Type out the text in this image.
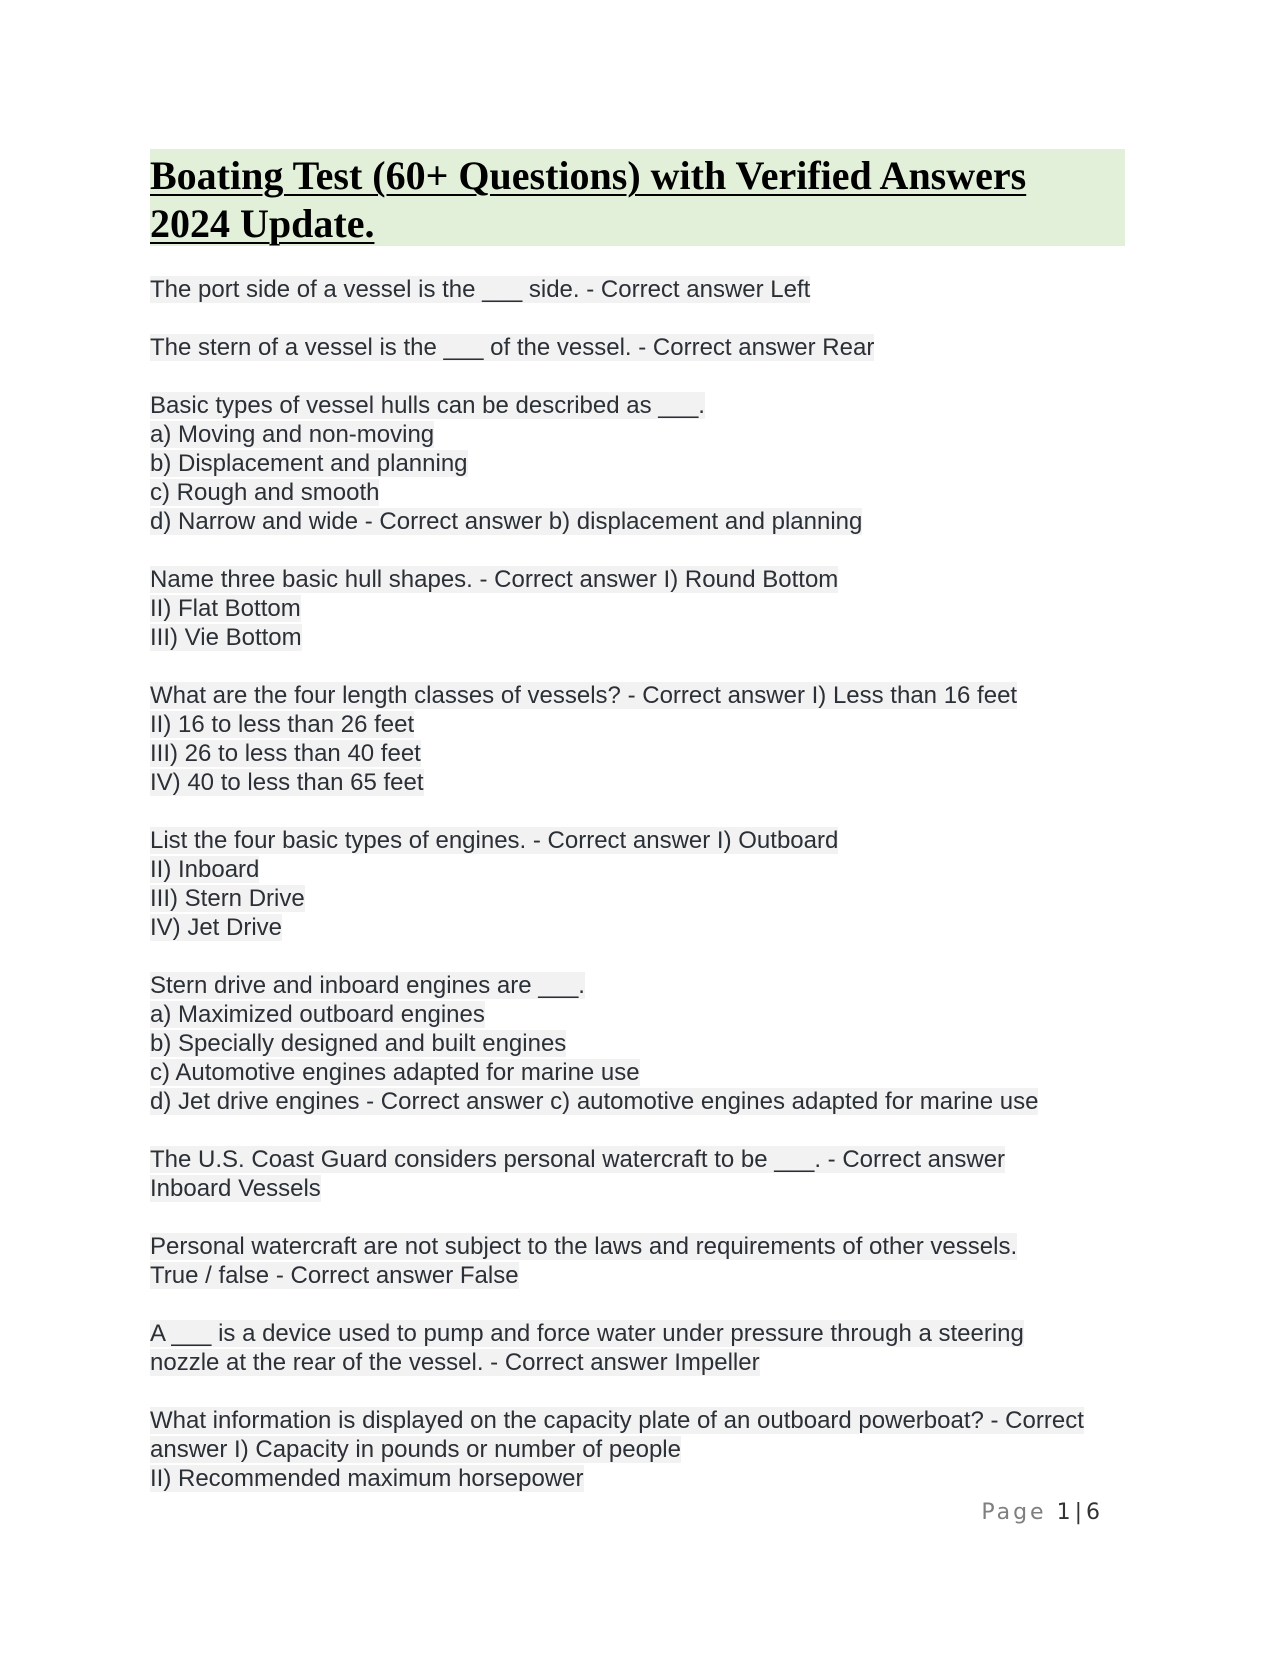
Boating Test (60+ Questions) with Verified Answers
2024 Update.
The port side of a vessel is the ___ side. - Correct answer Left
The stern of a vessel is the ___ of the vessel. - Correct answer Rear
Basic types of vessel hulls can be described as ___.
a) Moving and non-moving
b) Displacement and planning
c) Rough and smooth
d) Narrow and wide - Correct answer b) displacement and planning
Name three basic hull shapes. - Correct answer I) Round Bottom
II) Flat Bottom
III) Vie Bottom
What are the four length classes of vessels? - Correct answer I) Less than 16 feet
II) 16 to less than 26 feet
III) 26 to less than 40 feet
IV) 40 to less than 65 feet
List the four basic types of engines. - Correct answer I) Outboard
II) Inboard
III) Stern Drive
IV) Jet Drive
Stern drive and inboard engines are ___.
a) Maximized outboard engines
b) Specially designed and built engines
c) Automotive engines adapted for marine use
d) Jet drive engines - Correct answer c) automotive engines adapted for marine use
The U.S. Coast Guard considers personal watercraft to be ___. - Correct answer
Inboard Vessels
Personal watercraft are not subject to the laws and requirements of other vessels.
True / false - Correct answer False
A ___ is a device used to pump and force water under pressure through a steering
nozzle at the rear of the vessel. - Correct answer Impeller
What information is displayed on the capacity plate of an outboard powerboat? - Correct
answer I) Capacity in pounds or number of people
II) Recommended maximum horsepower
Page 1 | 6
